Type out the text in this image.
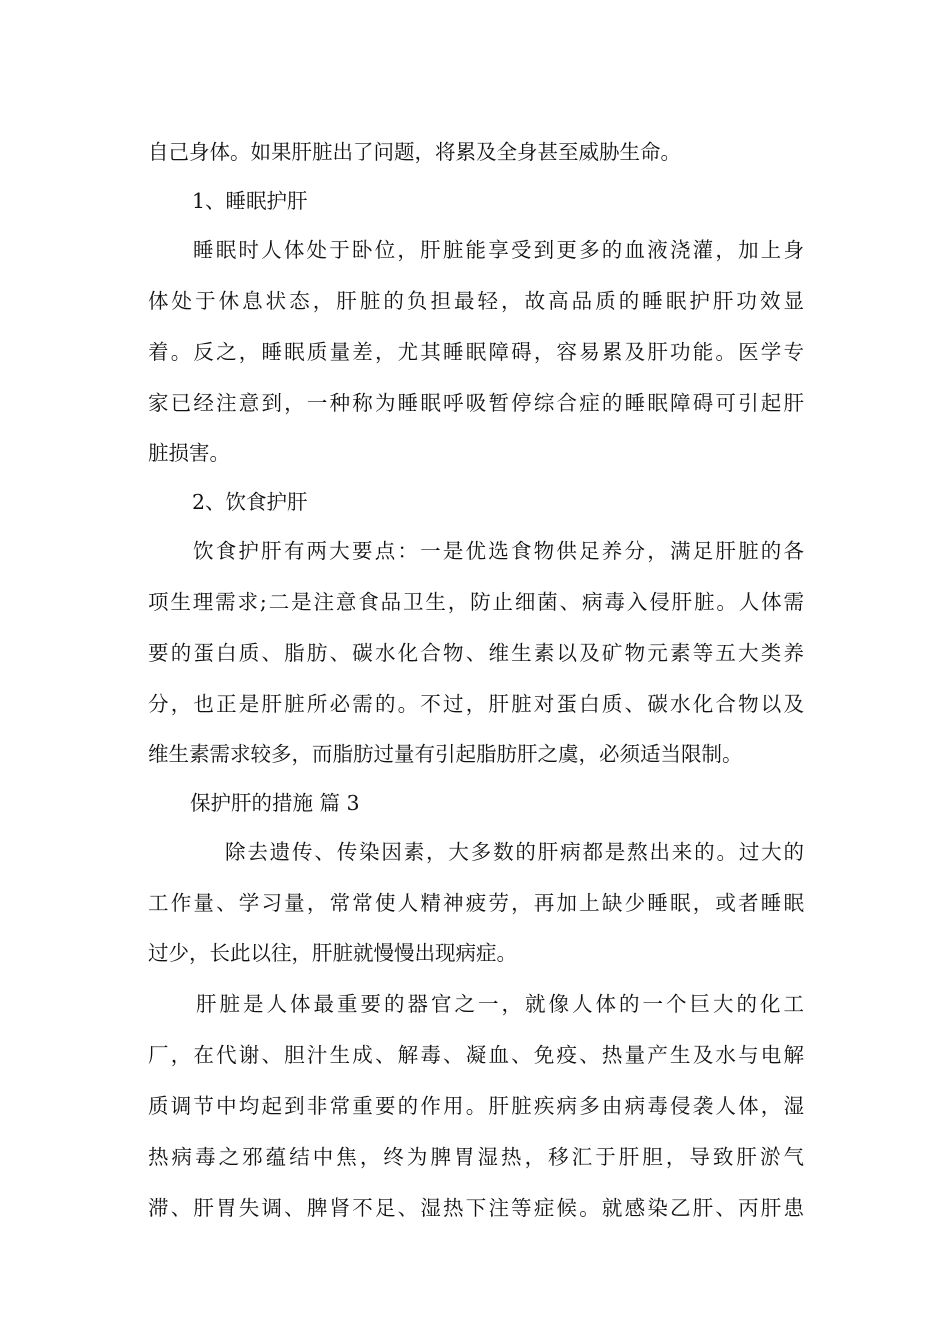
自己身体。如果肝脏出了问题，将累及全身甚至威胁生命。
1、睡眠护肝
睡眠时人体处于卧位，肝脏能享受到更多的血液浇灌，加上身
体处于休息状态，肝脏的负担最轻，故高品质的睡眠护肝功效显
着。反之，睡眠质量差，尤其睡眠障碍，容易累及肝功能。医学专
家已经注意到，一种称为睡眠呼吸暂停综合症的睡眠障碍可引起肝
脏损害。
2、饮食护肝
饮食护肝有两大要点：一是优选食物供足养分，满足肝脏的各
项生理需求;二是注意食品卫生，防止细菌、病毒入侵肝脏。人体需
要的蛋白质、脂肪、碳水化合物、维生素以及矿物元素等五大类养
分，也正是肝脏所必需的。不过，肝脏对蛋白质、碳水化合物以及
维生素需求较多，而脂肪过量有引起脂肪肝之虞，必须适当限制。
保护肝的措施 篇 3
除去遗传、传染因素，大多数的肝病都是熬出来的。过大的
工作量、学习量，常常使人精神疲劳，再加上缺少睡眠，或者睡眠
过少，长此以往，肝脏就慢慢出现病症。
肝脏是人体最重要的器官之一，就像人体的一个巨大的化工
厂，在代谢、胆汁生成、解毒、凝血、免疫、热量产生及水与电解
质调节中均起到非常重要的作用。肝脏疾病多由病毒侵袭人体，湿
热病毒之邪蕴结中焦，终为脾胃湿热，移汇于肝胆，导致肝淤气
滞、肝胃失调、脾肾不足、湿热下注等症候。就感染乙肝、丙肝患
